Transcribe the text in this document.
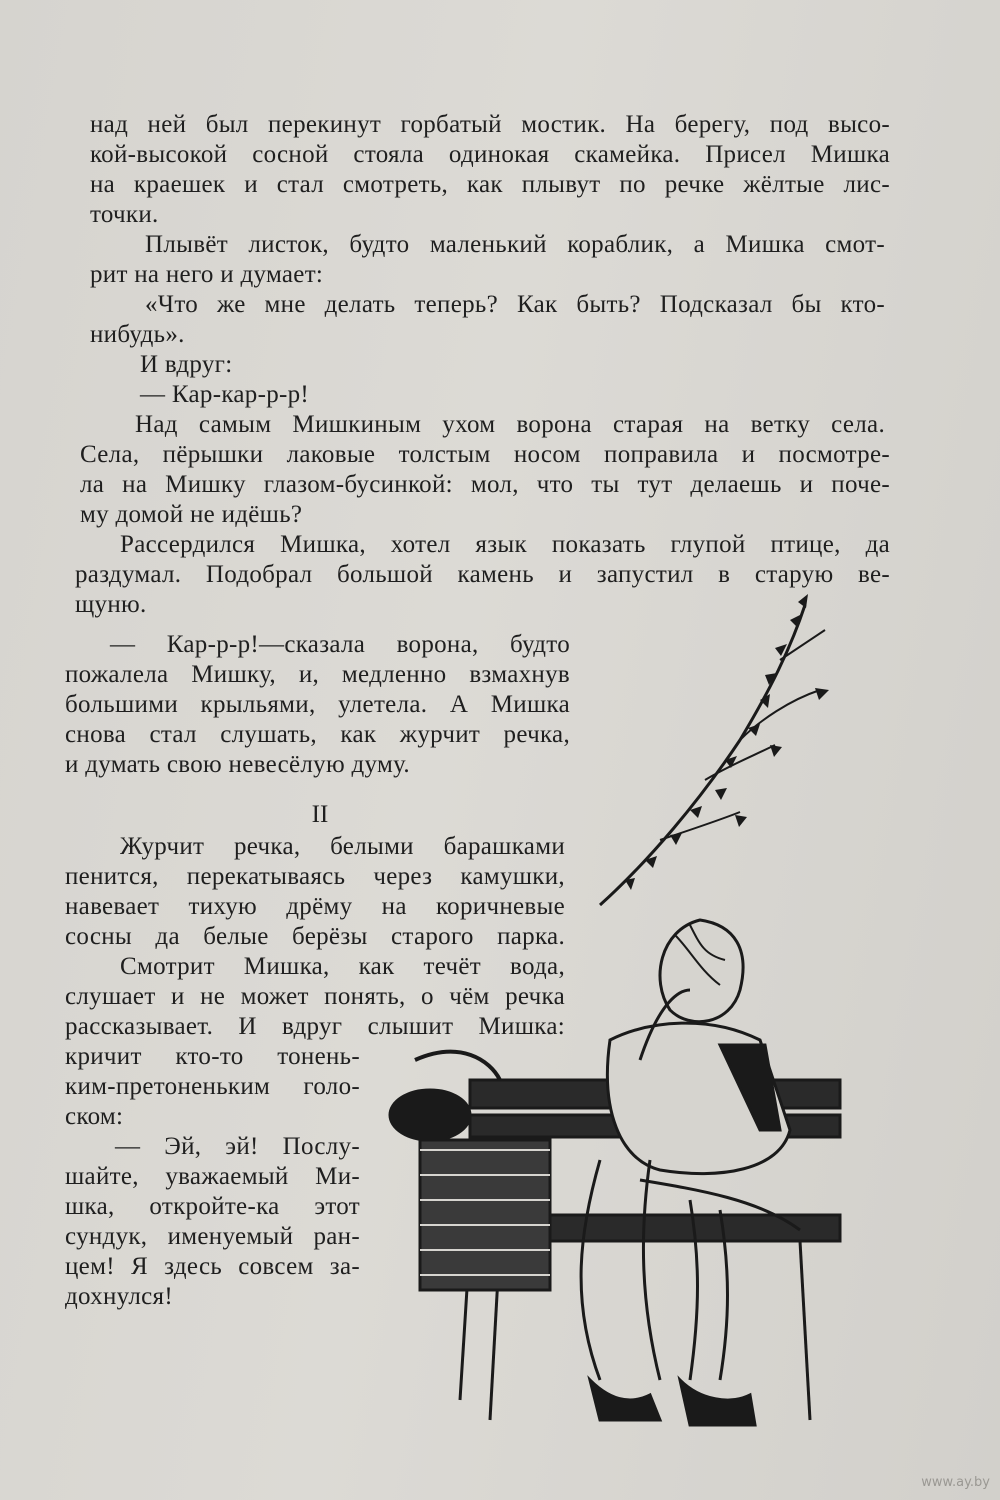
над ней был перекинут горбатый мостик. На берегу, под высо-

кой-высокой сосной стояла одинокая скамейка. Присел Мишка

на краешек и стал смотреть, как плывут по речке жёлтые лис-

точки.

Плывёт листок, будто маленький кораблик, а Мишка смот-

рит на него и думает:

«Что же мне делать теперь? Как быть? Подсказал бы кто-

нибудь».

И вдруг:

— Кар-кар-р-р!

Над самым Мишкиным ухом ворона старая на ветку села.

Села, пёрышки лаковые толстым носом поправила и посмотре-

ла на Мишку глазом-бусинкой: мол, что ты тут делаешь и поче-

му домой не идёшь?

Рассердился Мишка, хотел язык показать глупой птице, да

раздумал. Подобрал большой камень и запустил в старую ве-

щуню.

— Кар-р-р!—сказала ворона, будто

пожалела Мишку, и, медленно взмахнув

большими крыльями, улетела. А Мишка

снова стал слушать, как журчит речка,

и думать свою невесёлую думу.

II

Журчит речка, белыми барашками

пенится, перекатываясь через камушки,

навевает тихую дрёму на коричневые

сосны да белые берёзы старого парка.

Смотрит Мишка, как течёт вода,

слушает и не может понять, о чём речка

рассказывает. И вдруг слышит Мишка:

кричит кто-то тонень-

ким-претоненьким голо-

ском:

— Эй, эй! Послу-

шайте, уважаемый Ми-

шка, откройте-ка этот

сундук, именуемый ран-

цем! Я здесь совсем за-

дохнулся!

www.ay.by
